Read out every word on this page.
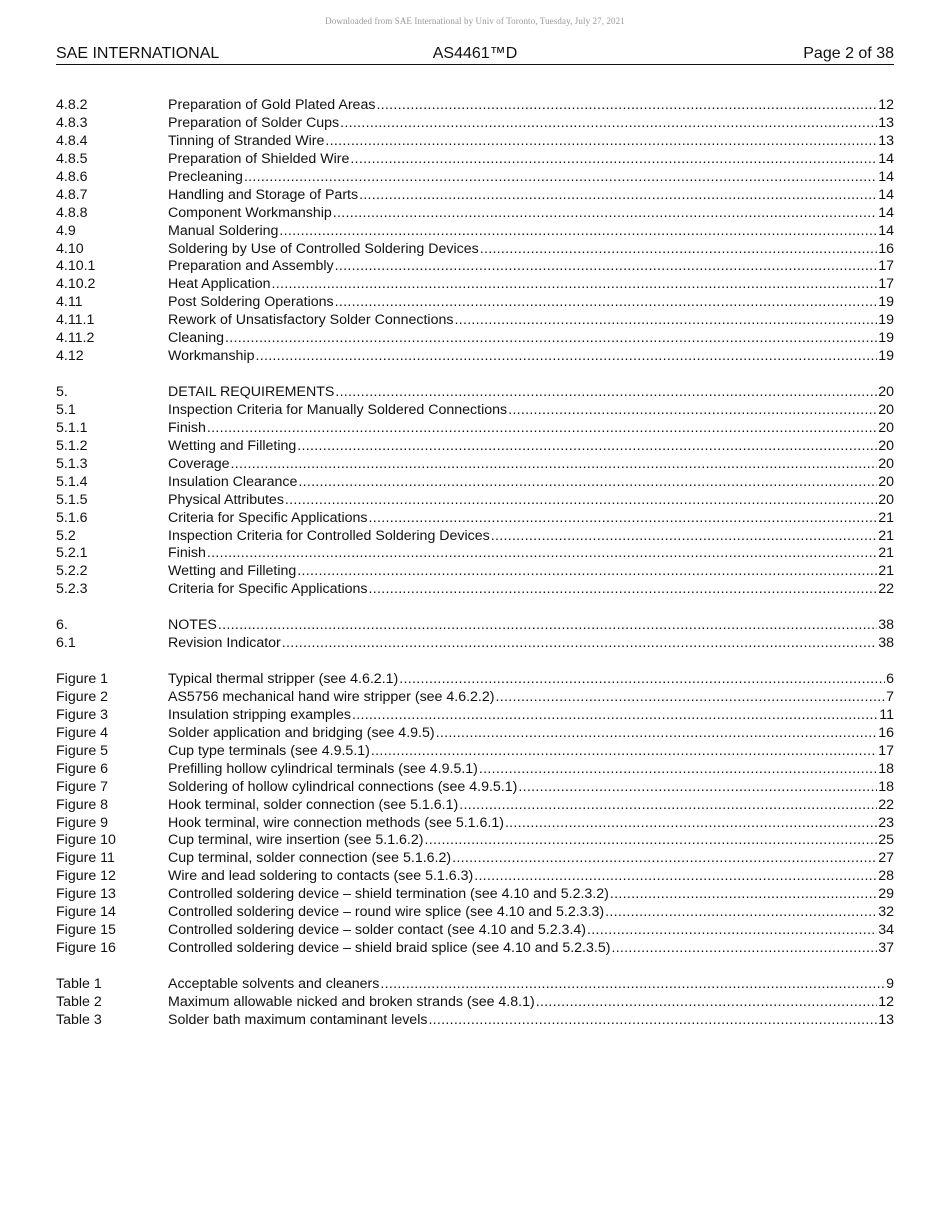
Downloaded from SAE International by Univ of Toronto, Tuesday, July 27, 2021
AS4461™D
SAE INTERNATIONAL	Page 2 of 38
4.8.2	Preparation of Gold Plated Areas .....	12
4.8.3	Preparation of Solder Cups .....	13
4.8.4	Tinning of Stranded Wire .....	13
4.8.5	Preparation of Shielded Wire .....	14
4.8.6	Precleaning .....	14
4.8.7	Handling and Storage of Parts .....	14
4.8.8	Component Workmanship .....	14
4.9	Manual Soldering .....	14
4.10	Soldering by Use of Controlled Soldering Devices .....	16
4.10.1	Preparation and Assembly .....	17
4.10.2	Heat Application .....	17
4.11	Post Soldering Operations .....	19
4.11.1	Rework of Unsatisfactory Solder Connections .....	19
4.11.2	Cleaning .....	19
4.12	Workmanship .....	19
5.	DETAIL REQUIREMENTS .....	20
5.1	Inspection Criteria for Manually Soldered Connections .....	20
5.1.1	Finish .....	20
5.1.2	Wetting and Filleting .....	20
5.1.3	Coverage .....	20
5.1.4	Insulation Clearance .....	20
5.1.5	Physical Attributes .....	20
5.1.6	Criteria for Specific Applications .....	21
5.2	Inspection Criteria for Controlled Soldering Devices .....	21
5.2.1	Finish .....	21
5.2.2	Wetting and Filleting .....	21
5.2.3	Criteria for Specific Applications .....	22
6.	NOTES .....	38
6.1	Revision Indicator .....	38
Figure 1	Typical thermal stripper (see 4.6.2.1) .....	6
Figure 2	AS5756 mechanical hand wire stripper (see 4.6.2.2) .....	7
Figure 3	Insulation stripping examples .....	11
Figure 4	Solder application and bridging (see 4.9.5) .....	16
Figure 5	Cup type terminals (see 4.9.5.1) .....	17
Figure 6	Prefilling hollow cylindrical terminals (see 4.9.5.1) .....	18
Figure 7	Soldering of hollow cylindrical connections (see 4.9.5.1) .....	18
Figure 8	Hook terminal, solder connection (see 5.1.6.1) .....	22
Figure 9	Hook terminal, wire connection methods (see 5.1.6.1) .....	23
Figure 10	Cup terminal, wire insertion (see 5.1.6.2) .....	25
Figure 11	Cup terminal, solder connection (see 5.1.6.2) .....	27
Figure 12	Wire and lead soldering to contacts (see 5.1.6.3) .....	28
Figure 13	Controlled soldering device – shield termination (see 4.10 and 5.2.3.2) .....	29
Figure 14	Controlled soldering device – round wire splice (see 4.10 and 5.2.3.3) .....	32
Figure 15	Controlled soldering device – solder contact (see 4.10 and 5.2.3.4) .....	34
Figure 16	Controlled soldering device – shield braid splice (see 4.10 and 5.2.3.5) .....	37
Table 1	Acceptable solvents and cleaners .....	9
Table 2	Maximum allowable nicked and broken strands (see 4.8.1) .....	12
Table 3	Solder bath maximum contaminant levels .....	13
